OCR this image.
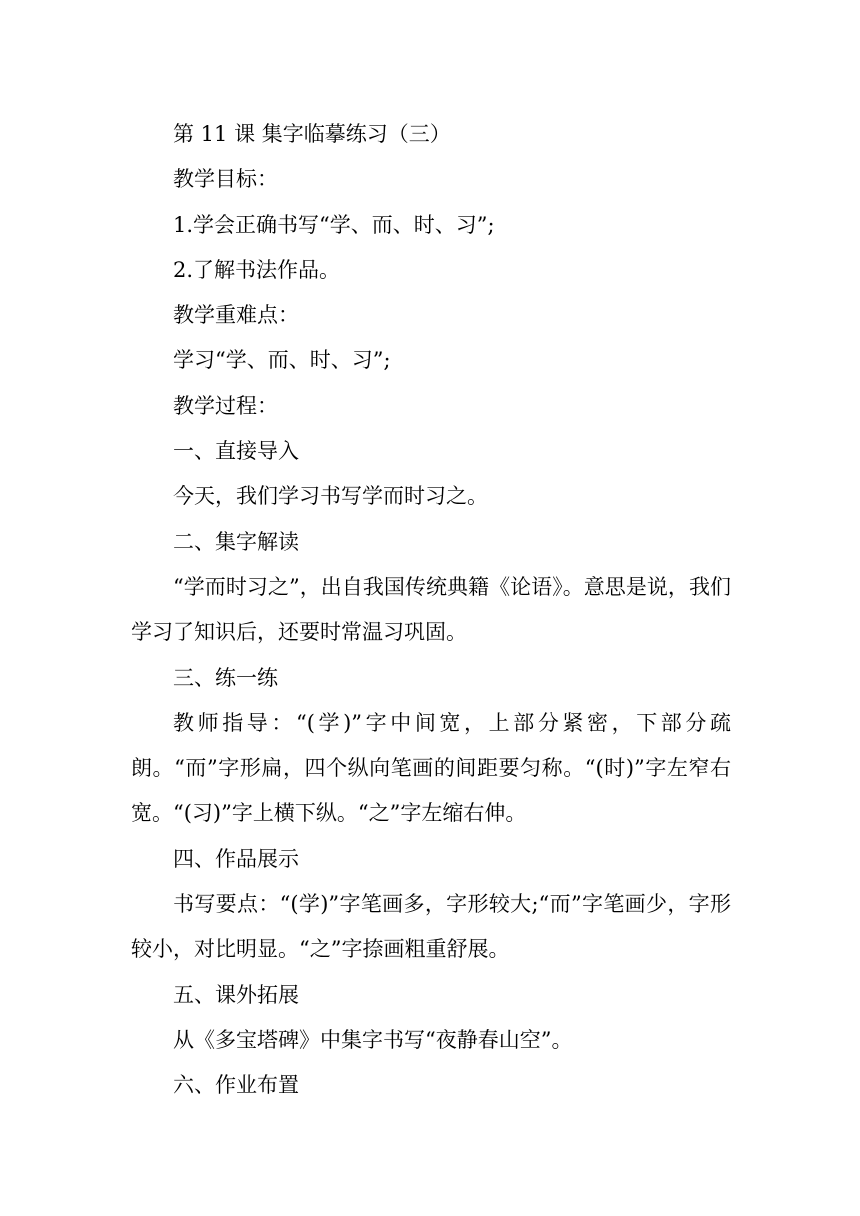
第 11 课 集字临摹练习（三）

教学目标：

1.学会正确书写“学、而、时、习”;

2.了解书法作品。

教学重难点：

学习“学、而、时、习”;

教学过程：

一、直接导入

今天，我们学习书写学而时习之。

二、集字解读

“学而时习之”，出自我国传统典籍《论语》。意思是说，我们学习了知识后，还要时常温习巩固。

三、练一练

教师指导：“(学)”字中间宽，上部分紧密，下部分疏朗。“而”字形扁，四个纵向笔画的间距要匀称。“(时)”字左窄右宽。“(习)”字上横下纵。“之”字左缩右伸。

四、作品展示

书写要点：“(学)”字笔画多，字形较大;“而”字笔画少，字形较小，对比明显。“之”字捺画粗重舒展。

五、课外拓展

从《多宝塔碑》中集字书写“夜静春山空”。

六、作业布置
